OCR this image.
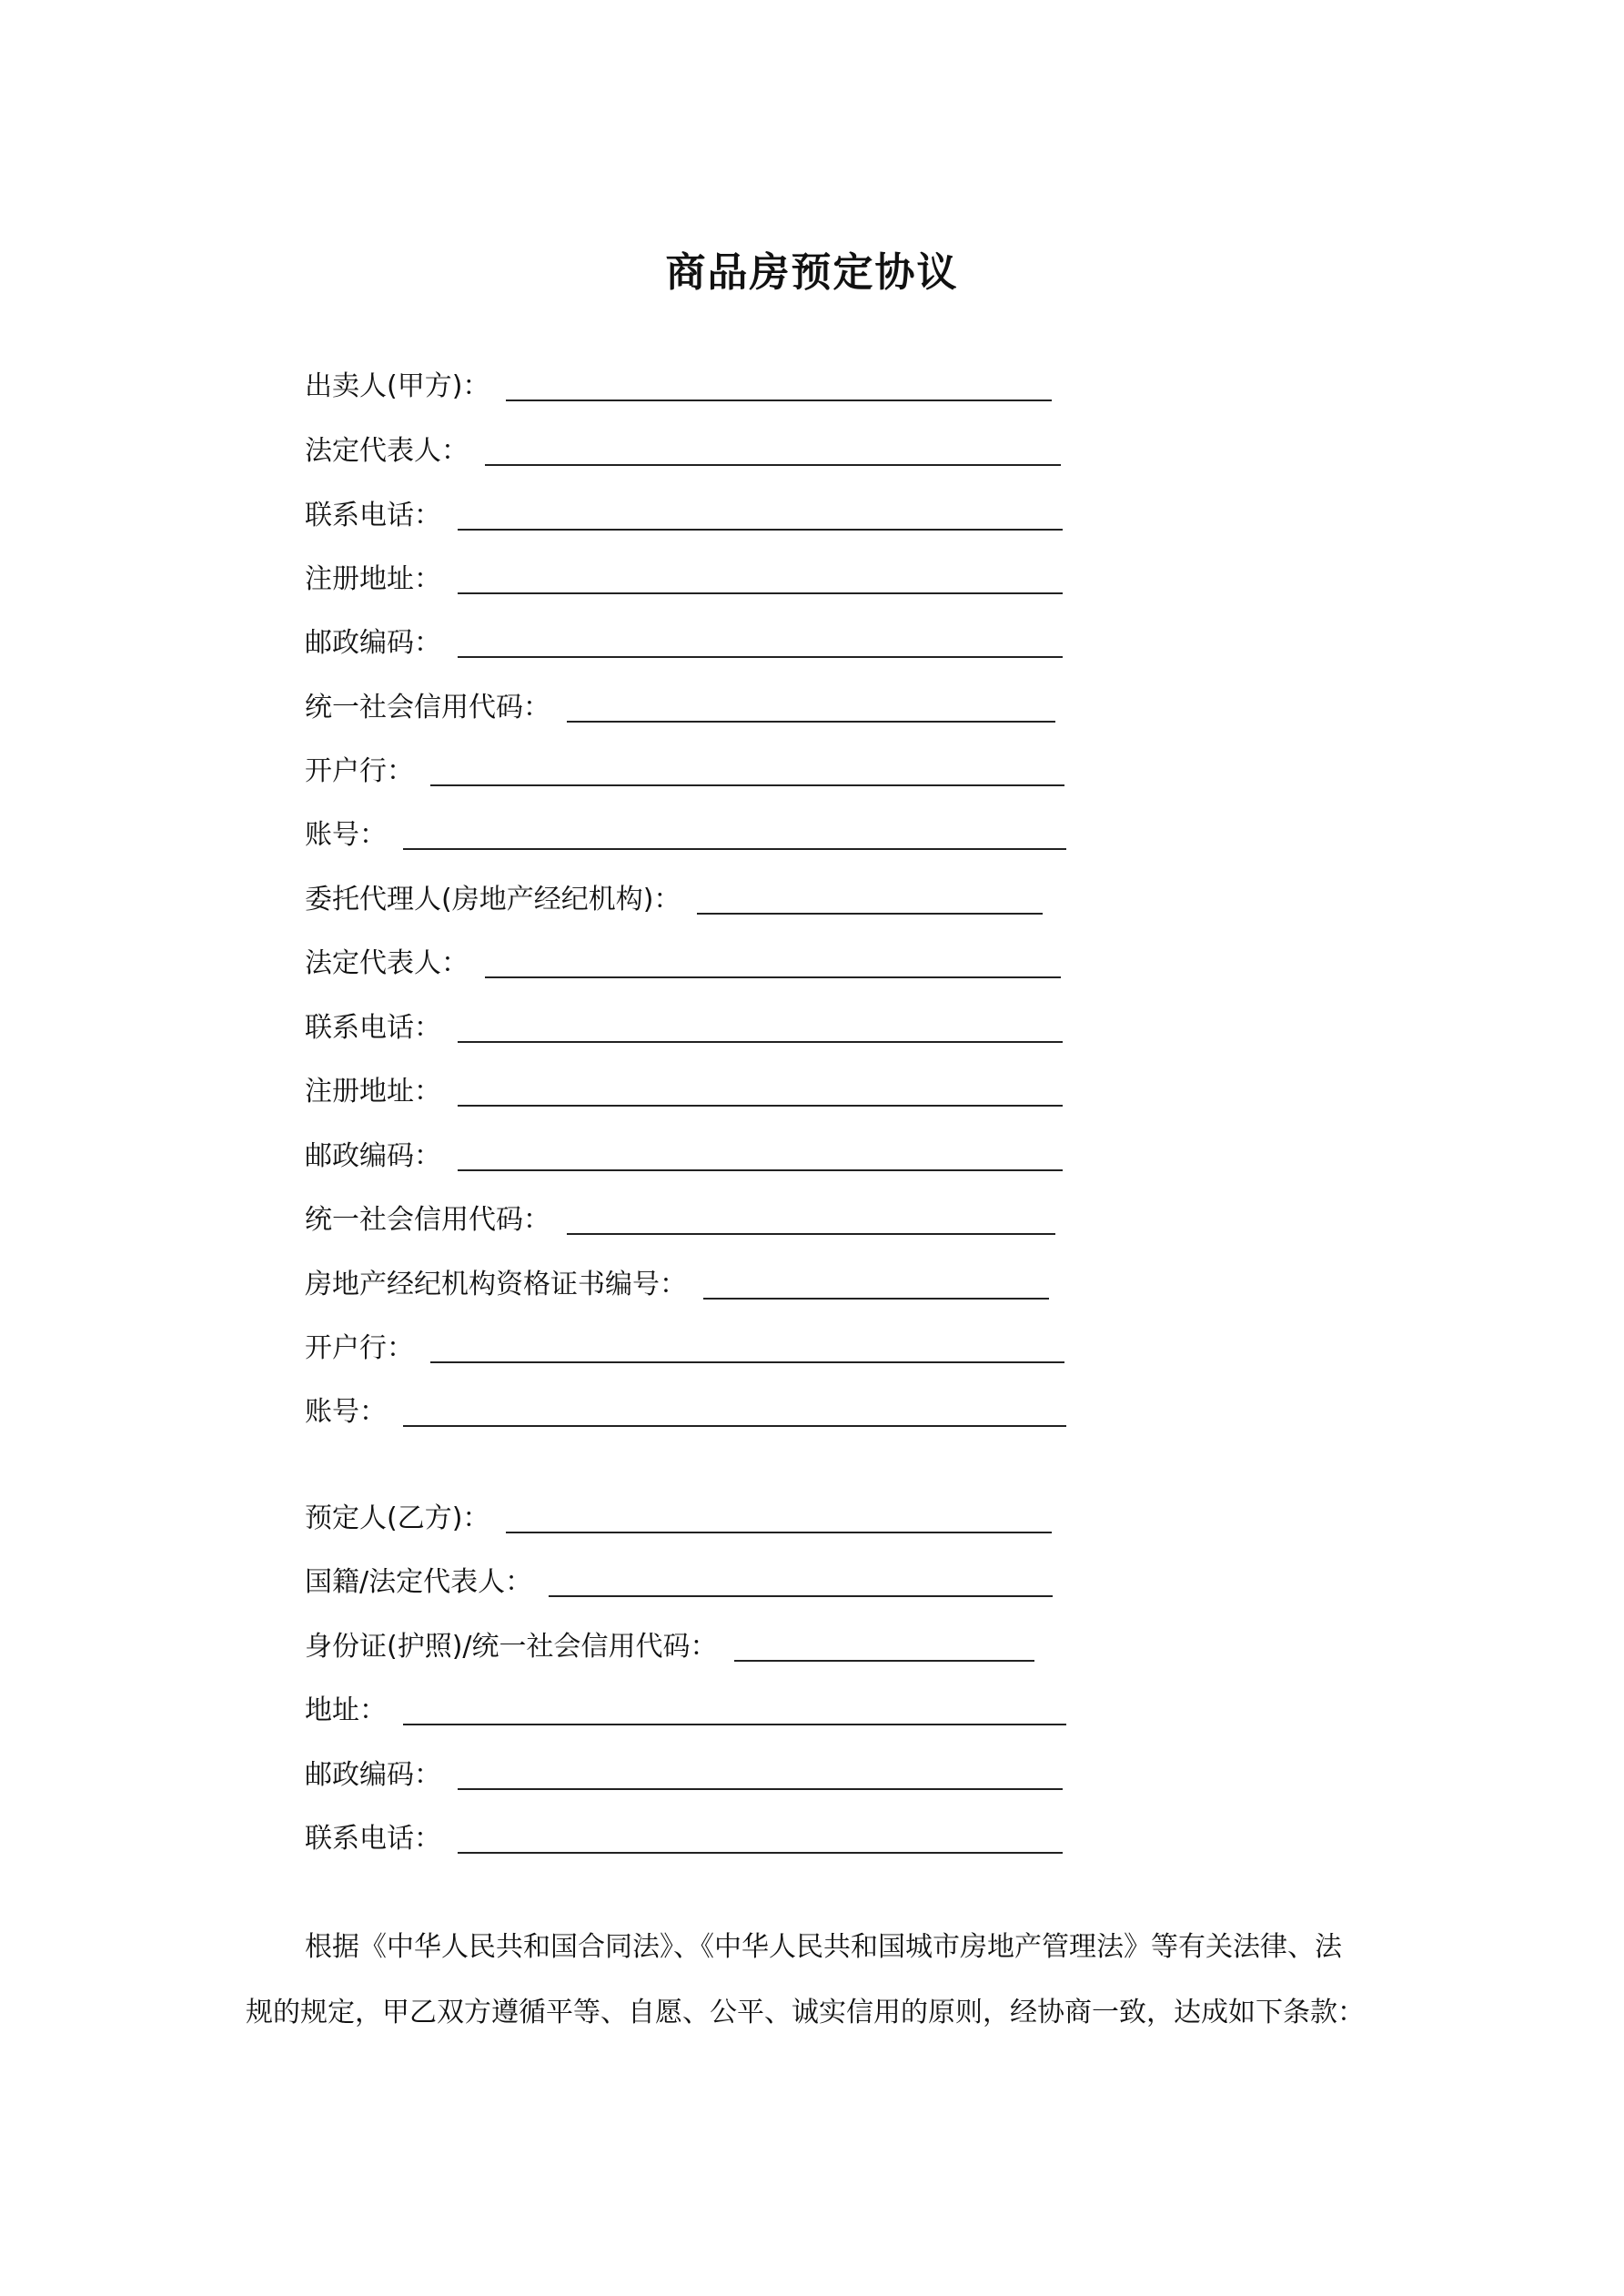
商品房预定协议
出卖人(甲方)：
法定代表人：
联系电话：
注册地址：
邮政编码：
统一社会信用代码：
开户行：
账号：
委托代理人(房地产经纪机构)：
法定代表人：
联系电话：
注册地址：
邮政编码：
统一社会信用代码：
房地产经纪机构资格证书编号：
开户行：
账号：
预定人(乙方)：
国籍/法定代表人：
身份证(护照)/统一社会信用代码：
地址：
邮政编码：
联系电话：
根据《中华人民共和国合同法》、《中华人民共和国城市房地产管理法》等有关法律、法
规的规定，甲乙双方遵循平等、自愿、公平、诚实信用的原则，经协商一致，达成如下条款：
